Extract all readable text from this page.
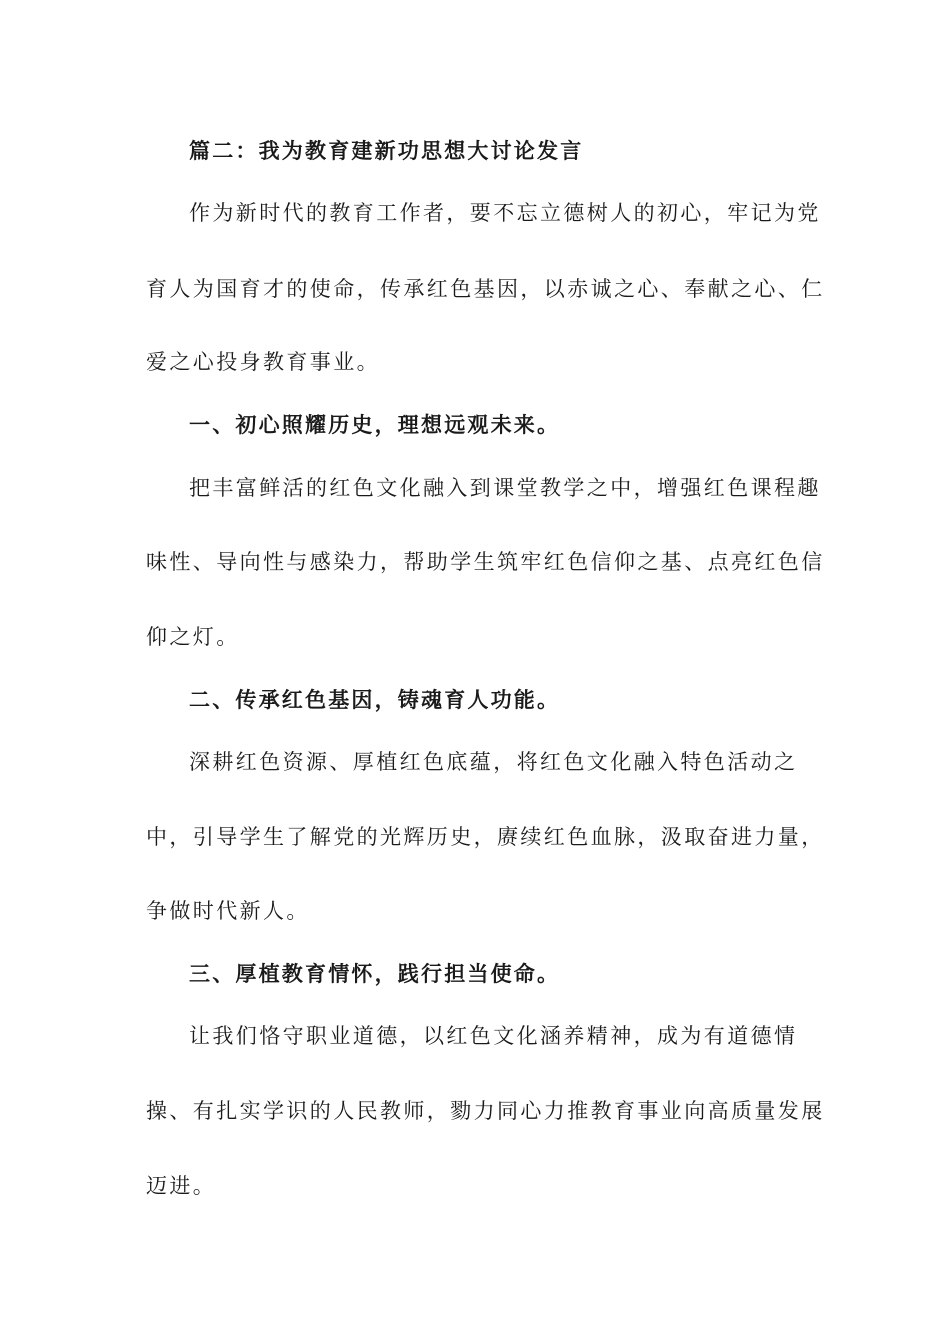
篇二：我为教育建新功思想大讨论发言
作为新时代的教育工作者，要不忘立德树人的初心，牢记为党
育人为国育才的使命，传承红色基因，以赤诚之心、奉献之心、仁
爱之心投身教育事业。
一、初心照耀历史，理想远观未来。
把丰富鲜活的红色文化融入到课堂教学之中，增强红色课程趣
味性、导向性与感染力，帮助学生筑牢红色信仰之基、点亮红色信
仰之灯。
二、传承红色基因，铸魂育人功能。
深耕红色资源、厚植红色底蕴，将红色文化融入特色活动之
中，引导学生了解党的光辉历史，赓续红色血脉，汲取奋进力量，
争做时代新人。
三、厚植教育情怀，践行担当使命。
让我们恪守职业道德，以红色文化涵养精神，成为有道德情
操、有扎实学识的人民教师，勠力同心力推教育事业向高质量发展
迈进。
